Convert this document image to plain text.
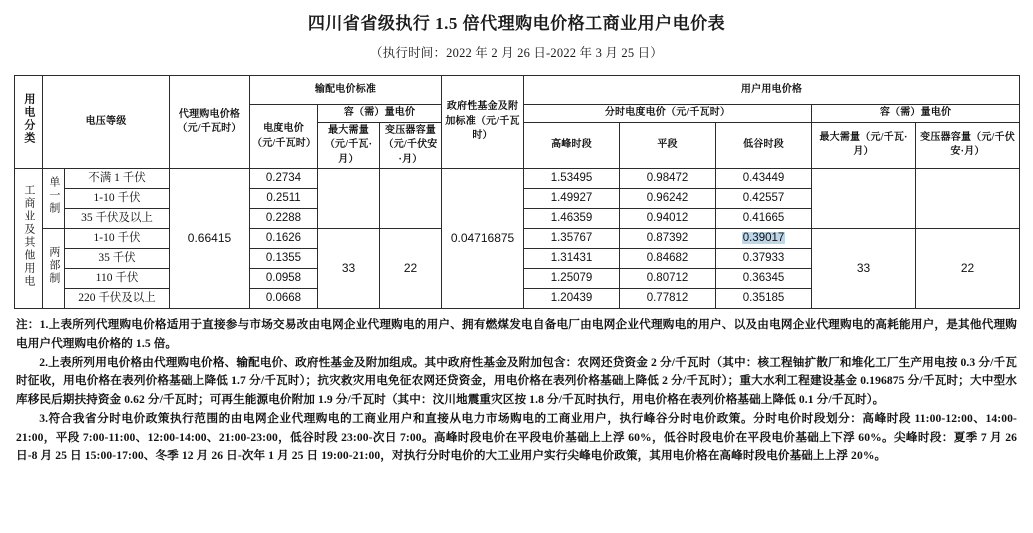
四川省省级执行 1.5 倍代理购电价格工商业用户电价表
（执行时间：2022 年 2 月 26 日-2022 年 3 月 25 日）
用电分类	电压等级		代理购电价格（元/千瓦时）	输配电价标准			政府性基金及附加标准（元/千瓦时）	用户用电价格				
				电度电价（元/千瓦时）	容（需）量电价			分时电度电价（元/千瓦时）			容（需）量电价	
					最大需量（元/千瓦·月）	变压器容量（元/千伏安·月）		高峰时段	平段	低谷时段	最大需量（元/千瓦·月）	变压器容量（元/千伏安·月）

工商业及其他用电	单一制	不满 1 千伏	0.66415	0.2734			0.04716875	1.53495	0.98472	0.43449		
		1-10 千伏		0.2511				1.49927	0.96242	0.42557		
		35 千伏及以上		0.2288				1.46359	0.94012	0.41665		
	两部制	1-10 千伏		0.1626	33	22		1.35767	0.87392	0.39017	33	22
		35 千伏		0.1355				1.31431	0.84682	0.37933		
		110 千伏		0.0958				1.25079	0.80712	0.36345		
		220 千伏及以上		0.0668				1.20439	0.77812	0.35185		

注：1.上表所列代理购电价格适用于直接参与市场交易改由电网企业代理购电的用户、拥有燃煤发电自备电厂由电网企业代理购电的用户、以及由电网企业代理购电的高耗能用户，是其他代理购电用户代理购电价格的 1.5 倍。

2.上表所列用电价格由代理购电价格、输配电价、政府性基金及附加组成。其中政府性基金及附加包含：农网还贷资金 2 分/千瓦时（其中：核工程铀扩散厂和堆化工厂生产用电按 0.3 分/千瓦时征收，用电价格在表列价格基础上降低 1.7 分/千瓦时）；抗灾救灾用电免征农网还贷资金，用电价格在表列价格基础上降低 2 分/千瓦时）；重大水利工程建设基金 0.196875 分/千瓦时；大中型水库移民后期扶持资金 0.62 分/千瓦时；可再生能源电价附加 1.9 分/千瓦时（其中：汶川地震重灾区按 1.8 分/千瓦时执行，用电价格在表列价格基础上降低 0.1 分/千瓦时）。

3.符合我省分时电价政策执行范围的由电网企业代理购电的工商业用户和直接从电力市场购电的工商业用户，执行峰谷分时电价政策。分时电价时段划分：高峰时段 11:00-12:00、14:00-21:00，平段 7:00-11:00、12:00-14:00、21:00-23:00，低谷时段 23:00-次日 7:00。高峰时段电价在平段电价基础上上浮 60%，低谷时段电价在平段电价基础上下浮 60%。尖峰时段：夏季 7 月 26 日-8 月 25 日 15:00-17:00、冬季 12 月 26 日-次年 1 月 25 日 19:00-21:00，对执行分时电价的大工业用户实行尖峰电价政策，其用电价格在高峰时段电价基础上上浮 20%。
